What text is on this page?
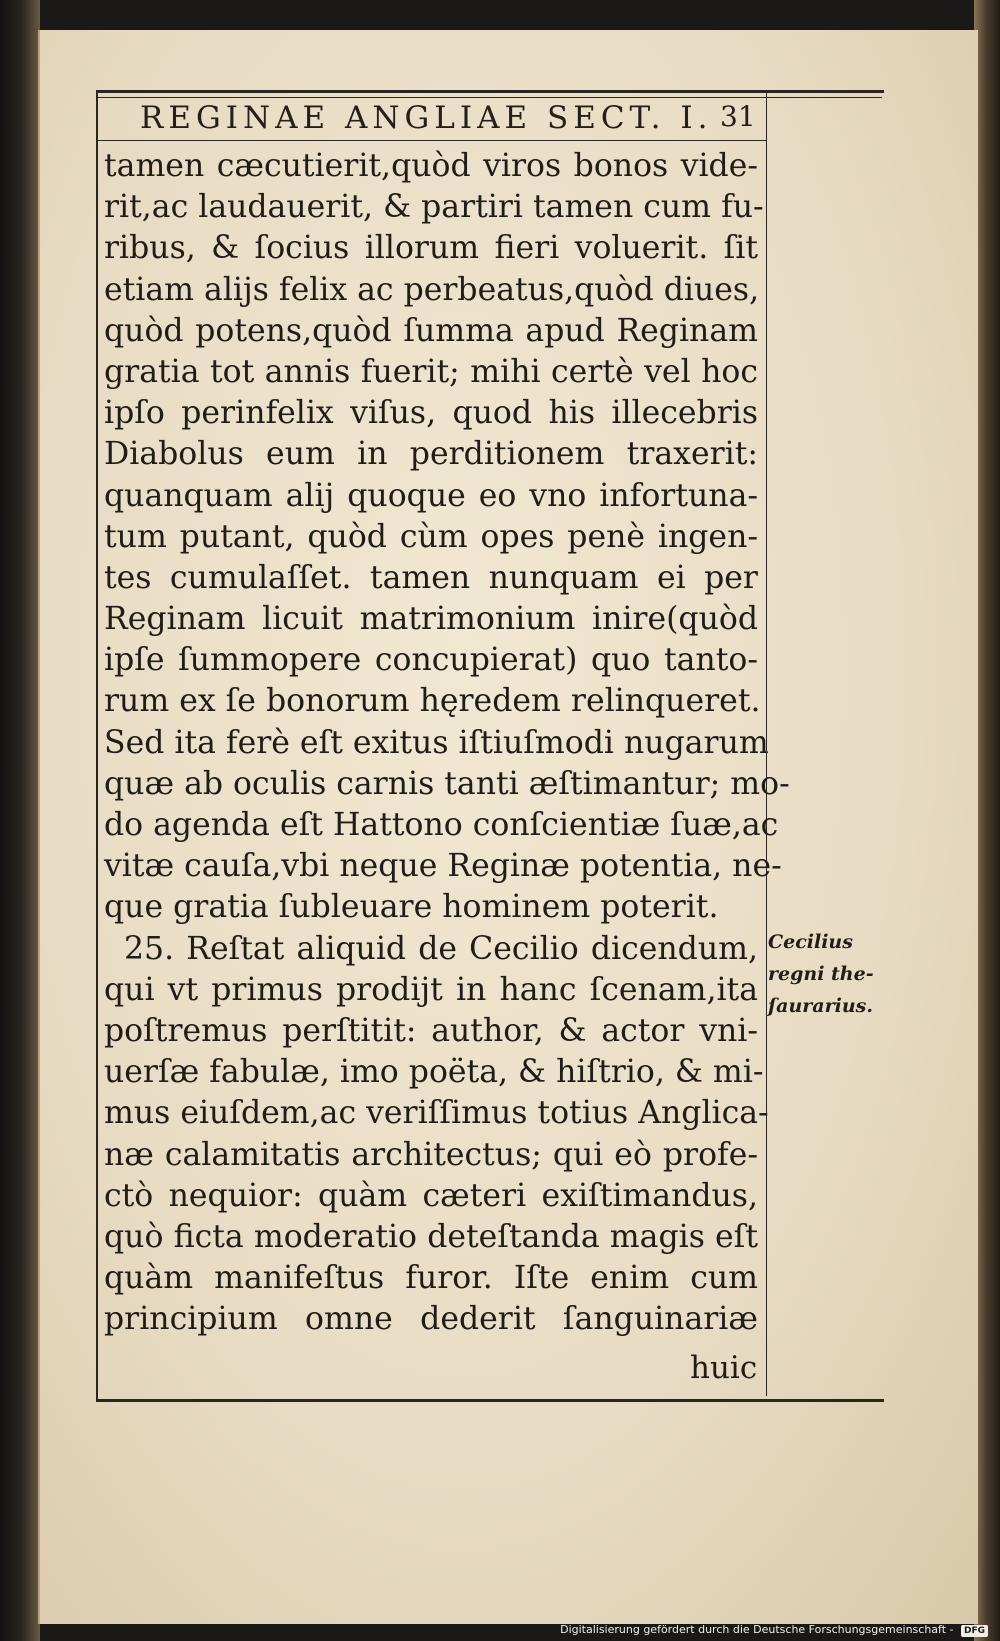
REGINAE ANGLIAE SECT. I. 31
tamen cæcutierit,quòd viros bonos vide-
rit,ac laudauerit, & partiri tamen cum fu-
ribus, & ſocius illorum fieri voluerit. ſit
etiam alijs felix ac perbeatus,quòd diues,
quòd potens,quòd ſumma apud Reginam
gratia tot annis fuerit; mihi certè vel hoc
ipſo perinfelix viſus, quod his illecebris
Diabolus eum in perditionem traxerit:
quanquam alij quoque eo vno infortuna-
tum putant, quòd cùm opes penè ingen-
tes cumulaſſet. tamen nunquam ei per
Reginam licuit matrimonium inire(quòd
ipſe ſummopere concupierat) quo tanto-
rum ex ſe bonorum hęredem relinqueret.
Sed ita ferè eſt exitus iſtiuſmodi nugarum
quæ ab oculis carnis tanti æſtimantur; mo-
do agenda eſt Hattono conſcientiæ ſuæ,ac
vitæ cauſa,vbi neque Reginæ potentia, ne-
que gratia ſubleuare hominem poterit.
25. Reſtat aliquid de Cecilio dicendum,
qui vt primus prodijt in hanc ſcenam,ita
poſtremus perſtitit: author, & actor vni-
uerſæ fabulæ, imo poëta, & hiſtrio, & mi-
mus eiuſdem,ac veriſſimus totius Anglica-
næ calamitatis architectus; qui eò profe-
ctò nequior: quàm cæteri exiſtimandus,
quò ficta moderatio deteſtanda magis eſt
quàm manifeſtus furor. Iſte enim cum
principium omne dederit ſanguinariæ
huic
Cecilius
regni the-
ſaurarius.
Digitalisierung gefördert durch die Deutsche Forschungsgemeinschaft - DFG
